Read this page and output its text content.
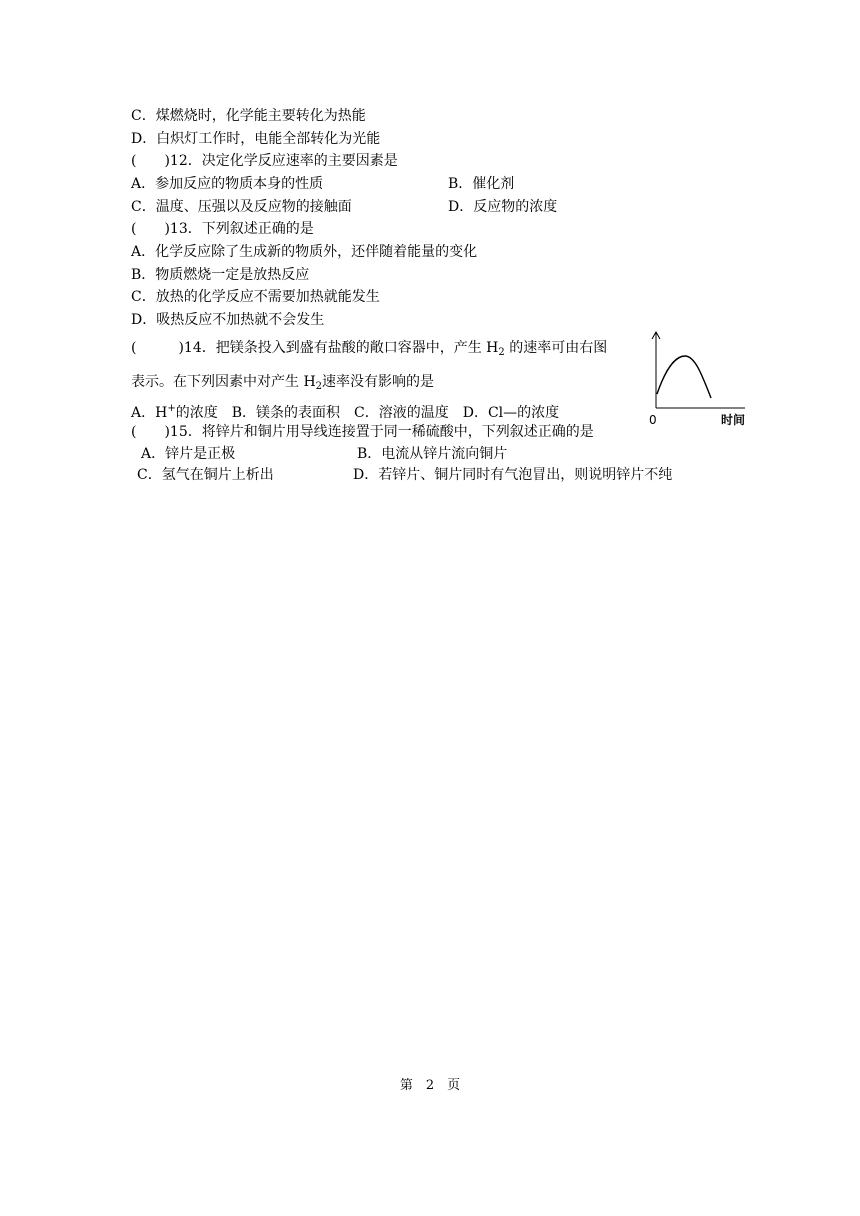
C．煤燃烧时，化学能主要转化为热能
D．白炽灯工作时，电能全部转化为光能
(　　)12．决定化学反应速率的主要因素是
A．参加反应的物质本身的性质	B．催化剂
C．温度、压强以及反应物的接触面	D．反应物的浓度
(　　)13．下列叙述正确的是
A．化学反应除了生成新的物质外，还伴随着能量的变化
B．物质燃烧一定是放热反应
C．放热的化学反应不需要加热就能发生
D．吸热反应不加热就不会发生
(　　　)14．把镁条投入到盛有盐酸的敞口容器中，产生 $H_2$ 的速率可由右图
表示。在下列因素中对产生 $H_2$速率没有影响的是
A．H+的浓度　B．镁条的表面积　C．溶液的温度　D．Cl—的浓度	0	时间
(　　)15．将锌片和铜片用导线连接置于同一稀硫酸中，下列叙述正确的是
A．锌片是正极	B．电流从锌片流向铜片
C．氢气在铜片上析出	D．若锌片、铜片同时有气泡冒出，则说明锌片不纯
第　2　页
